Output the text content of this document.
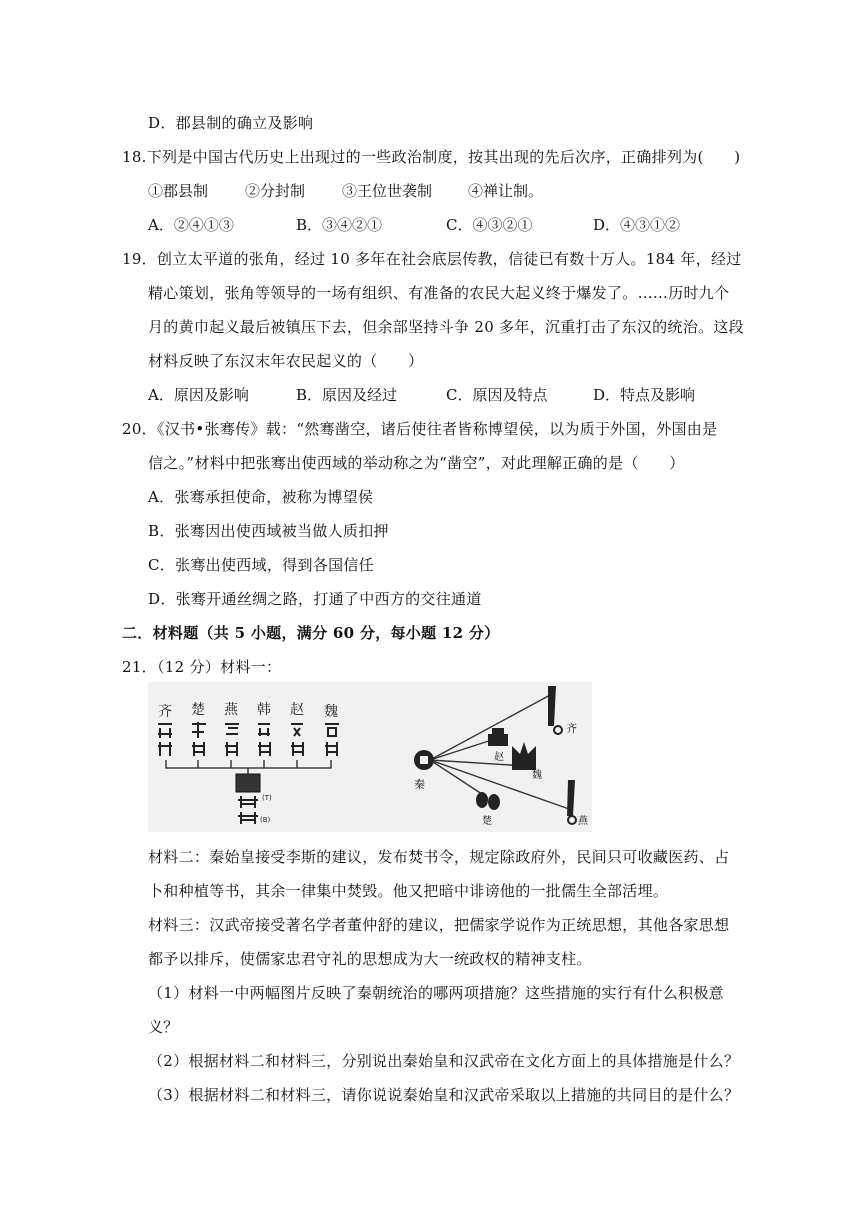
D．郡县制的确立及影响
18.下列是中国古代历史上出现过的一些政治制度，按其出现的先后次序，正确排列为(　　)
①郡县制 ②分封制 ③王位世袭制 ④禅让制。
A．②④①③	B．③④②①	C．④③②①	D．④③①②
19．创立太平道的张角，经过 10 多年在社会底层传教，信徒已有数十万人。184 年，经过
精心策划，张角等领导的一场有组织、有准备的农民大起义终于爆发了。……历时九个
月的黄巾起义最后被镇压下去，但余部坚持斗争 20 多年，沉重打击了东汉的统治。这段
材料反映了东汉末年农民起义的（　　）
A．原因及影响	B．原因及经过	C．原因及特点	D．特点及影响
20．《汉书•张骞传》载：“然骞凿空，诸后使往者皆称博望侯，以为质于外国，外国由是
信之。”材料中把张骞出使西域的举动称之为“凿空”，对此理解正确的是（　　）
A．张骞承担使命，被称为博望侯
B．张骞因出使西域被当做人质扣押
C．张骞出使西域，得到各国信任
D．张骞开通丝绸之路，打通了中西方的交往通道
二．材料题（共 5 小题，满分 60 分，每小题 12 分）
21．（12 分）材料一：
齐 楚 燕 韩 赵 魏
(T)
(B)
秦
齐
赵
魏
楚	燕
材料二：秦始皇接受李斯的建议，发布焚书令，规定除政府外，民间只可收藏医药、占
卜和种植等书，其余一律集中焚毁。他又把暗中诽谤他的一批儒生全部活埋。
材料三：汉武帝接受著名学者董仲舒的建议，把儒家学说作为正统思想，其他各家思想
都予以排斥，使儒家忠君守礼的思想成为大一统政权的精神支柱。
（1）材料一中两幅图片反映了秦朝统治的哪两项措施？这些措施的实行有什么积极意
义？
（2）根据材料二和材料三，分别说出秦始皇和汉武帝在文化方面上的具体措施是什么？
（3）根据材料二和材料三，请你说说秦始皇和汉武帝采取以上措施的共同目的是什么？
